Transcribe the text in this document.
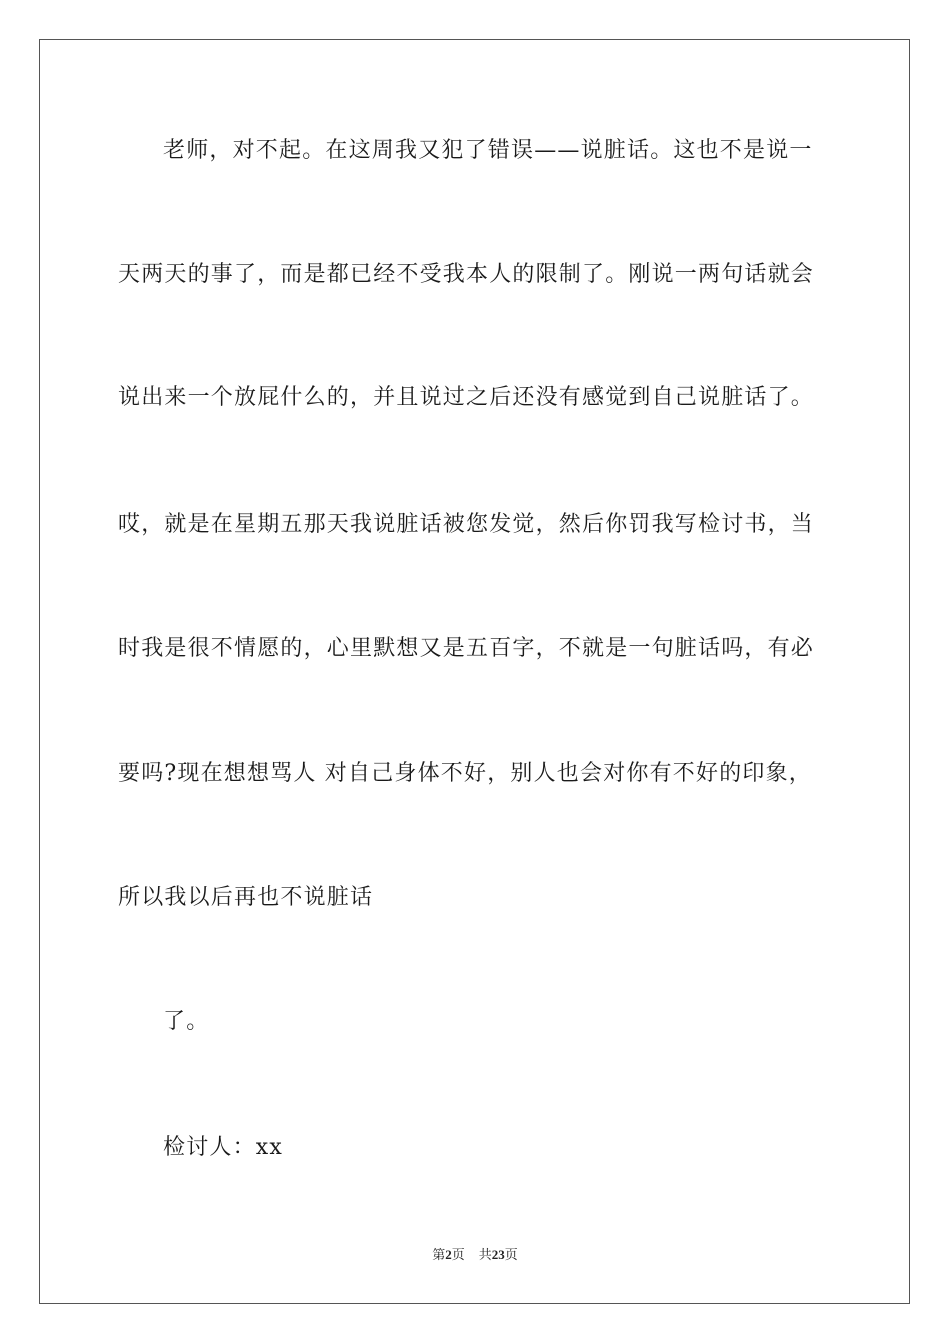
老师，对不起。在这周我又犯了错误——说脏话。这也不是说一
天两天的事了，而是都已经不受我本人的限制了。刚说一两句话就会
说出来一个放屁什么的，并且说过之后还没有感觉到自己说脏话了。
哎，就是在星期五那天我说脏话被您发觉，然后你罚我写检讨书，当
时我是很不情愿的，心里默想又是五百字，不就是一句脏话吗，有必
要吗?现在想想骂人 对自己身体不好，别人也会对你有不好的印象，
所以我以后再也不说脏话
了。
检讨人：xx
第2页 共23页
